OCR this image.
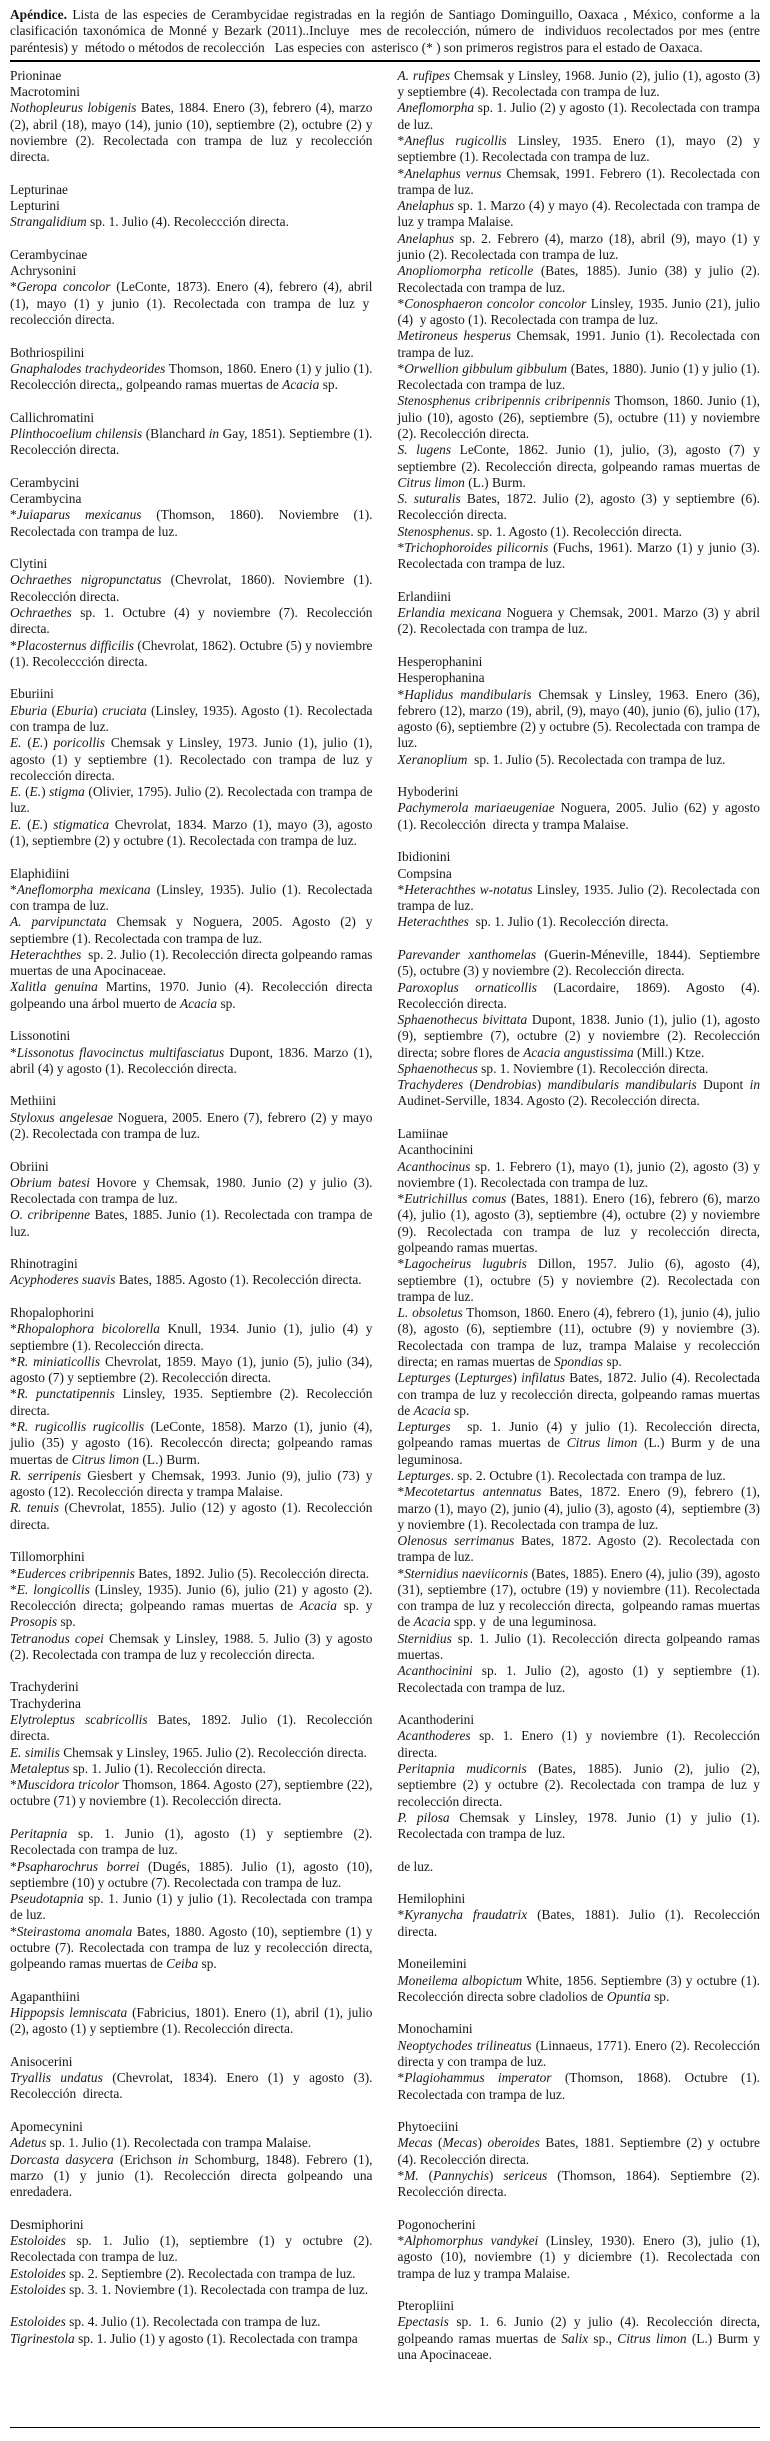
Apéndice. Lista de las especies de Cerambycidae registradas en la región de Santiago Dominguillo, Oaxaca , México, conforme a la clasificación taxonómica de Monné y Bezark (2011)..Incluye  mes de recolección, número de  individuos recolectados por mes (entre paréntesis) y  método o métodos de recolección   Las especies con  asterisco (* ) son primeros registros para el estado de Oaxaca.

Prioninae

Macrotomini

Nothopleurus lobigenis Bates, 1884. Enero (3), febrero (4), marzo (2), abril (18), mayo (14), junio (10), septiembre (2), octubre (2) y noviembre (2). Recolectada con trampa de luz y recolección directa.

Lepturinae

Lepturini

Strangalidium sp. 1. Julio (4). Recoleccción directa.

Cerambycinae

Achrysonini

*Geropa concolor (LeConte, 1873). Enero (4), febrero (4), abril (1), mayo (1) y junio (1). Recolectada con trampa de luz y  recolección directa.

Bothriospilini

Gnaphalodes trachydeorides Thomson, 1860. Enero (1) y julio (1). Recolección directa,, golpeando ramas muertas de Acacia sp.

Callichromatini

Plinthocoelium chilensis (Blanchard in Gay, 1851). Septiembre (1). Recolección directa.

Cerambycini

Cerambycina

*Juiaparus mexicanus (Thomson, 1860). Noviembre (1). Recolectada con trampa de luz.

Clytini

Ochraethes nigropunctatus (Chevrolat, 1860). Noviembre (1). Recolección directa.

Ochraethes sp. 1. Octubre (4) y noviembre (7). Recolección directa.

*Placosternus difficilis (Chevrolat, 1862). Octubre (5) y noviembre (1). Recoleccción directa.

Eburiini

Eburia (Eburia) cruciata (Linsley, 1935). Agosto (1). Recolectada con trampa de luz.

E. (E.) poricollis Chemsak y Linsley, 1973. Junio (1), julio (1), agosto (1) y septiembre (1). Recolectado con trampa de luz y recolección directa.

E. (E.) stigma (Olivier, 1795). Julio (2). Recolectada con trampa de luz.

E. (E.) stigmatica Chevrolat, 1834. Marzo (1), mayo (3), agosto (1), septiembre (2) y octubre (1). Recolectada con trampa de luz.

Elaphidiini

*Aneflomorpha mexicana (Linsley, 1935). Julio (1). Recolectada con trampa de luz.

A. parvipunctata Chemsak y Noguera, 2005. Agosto (2) y septiembre (1). Recolectada con trampa de luz.

Heterachthes  sp. 2. Julio (1). Recolección directa golpeando ramas muertas de una Apocinaceae.

Xalitla genuina Martins, 1970. Junio (4). Recolección directa golpeando una árbol muerto de Acacia sp.

Lissonotini

*Lissonotus flavocinctus multifasciatus Dupont, 1836. Marzo (1), abril (4) y agosto (1). Recolección directa.

Methiini

Styloxus angelesae Noguera, 2005. Enero (7), febrero (2) y mayo (2). Recolectada con trampa de luz.

Obriini

Obrium batesi Hovore y Chemsak, 1980. Junio (2) y julio (3). Recolectada con trampa de luz.

O. cribripenne Bates, 1885. Junio (1). Recolectada con trampa de luz.

Rhinotragini

Acyphoderes suavis Bates, 1885. Agosto (1). Recolección directa.

Rhopalophorini

*Rhopalophora bicolorella Knull, 1934. Junio (1), julio (4) y septiembre (1). Recolección directa.

*R. miniaticollis Chevrolat, 1859. Mayo (1), junio (5), julio (34), agosto (7) y septiembre (2). Recolección directa.

*R. punctatipennis Linsley, 1935. Septiembre (2). Recolección directa.

*R. rugicollis rugicollis (LeConte, 1858). Marzo (1), junio (4), julio (35) y agosto (16). Recoleccón directa; golpeando ramas muertas de Citrus limon (L.) Burm.

R. serripenis Giesbert y Chemsak, 1993. Junio (9), julio (73) y agosto (12). Recolección directa y trampa Malaise.

R. tenuis (Chevrolat, 1855). Julio (12) y agosto (1). Recolección directa.

Tillomorphini

*Euderces cribripennis Bates, 1892. Julio (5). Recolección directa.

*E. longicollis (Linsley, 1935). Junio (6), julio (21) y agosto (2). Recolección directa; golpeando ramas muertas de Acacia sp. y Prosopis sp.

Tetranodus copei Chemsak y Linsley, 1988. 5. Julio (3) y agosto (2). Recolectada con trampa de luz y recolección directa.

Trachyderini

Trachyderina

Elytroleptus scabricollis Bates, 1892. Julio (1). Recolección directa.

E. similis Chemsak y Linsley, 1965. Julio (2). Recolección directa.

Metaleptus sp. 1. Julio (1). Recolección directa.

*Muscidora tricolor Thomson, 1864. Agosto (27), septiembre (22), octubre (71) y noviembre (1). Recolección directa.

Peritapnia sp. 1. Junio (1), agosto (1) y septiembre (2). Recolectada con trampa de luz.

*Psapharochrus borrei (Dugés, 1885). Julio (1), agosto (10), septiembre (10) y octubre (7). Recolectada con trampa de luz.

Pseudotapnia sp. 1. Junio (1) y julio (1). Recolectada con trampa de luz.

*Steirastoma anomala Bates, 1880. Agosto (10), septiembre (1) y octubre (7). Recolectada con trampa de luz y recolección directa, golpeando ramas muertas de Ceiba sp.

Agapanthiini

Hippopsis lemniscata (Fabricius, 1801). Enero (1), abril (1), julio (2), agosto (1) y septiembre (1). Recolección directa.

Anisocerini

Tryallis undatus (Chevrolat, 1834). Enero (1) y agosto (3). Recolección  directa.

Apomecynini

Adetus sp. 1. Julio (1). Recolectada con trampa Malaise.

Dorcasta dasycera (Erichson in Schomburg, 1848). Febrero (1), marzo (1) y junio (1). Recolección directa golpeando una enredadera.

Desmiphorini

Estoloides sp. 1. Julio (1), septiembre (1) y octubre (2). Recolectada con trampa de luz.

Estoloides sp. 2. Septiembre (2). Recolectada con trampa de luz.

Estoloides sp. 3. 1. Noviembre (1). Recolectada con trampa de luz.

Estoloides sp. 4. Julio (1). Recolectada con trampa de luz.

Tigrinestola sp. 1. Julio (1) y agosto (1). Recolectada con trampa

A. rufipes Chemsak y Linsley, 1968. Junio (2), julio (1), agosto (3) y septiembre (4). Recolectada con trampa de luz.

Aneflomorpha sp. 1. Julio (2) y agosto (1). Recolectada con trampa de luz.

*Aneflus rugicollis Linsley, 1935. Enero (1), mayo (2) y septiembre (1). Recolectada con trampa de luz.

*Anelaphus vernus Chemsak, 1991. Febrero (1). Recolectada con trampa de luz.

Anelaphus sp. 1. Marzo (4) y mayo (4). Recolectada con trampa de luz y trampa Malaise.

Anelaphus sp. 2. Febrero (4), marzo (18), abril (9), mayo (1) y junio (2). Recolectada con trampa de luz.

Anopliomorpha reticolle (Bates, 1885). Junio (38) y julio (2). Recolectada con trampa de luz.

*Conosphaeron concolor concolor Linsley, 1935. Junio (21), julio (4)  y agosto (1). Recolectada con trampa de luz.

Metironeus hesperus Chemsak, 1991. Junio (1). Recolectada con trampa de luz.

*Orwellion gibbulum gibbulum (Bates, 1880). Junio (1) y julio (1). Recolectada con trampa de luz.

Stenosphenus cribripennis cribripennis Thomson, 1860. Junio (1), julio (10), agosto (26), septiembre (5), octubre (11) y noviembre (2). Recolección directa.

S. lugens LeConte, 1862. Junio (1), julio, (3), agosto (7) y septiembre (2). Recolección directa, golpeando ramas muertas de Citrus limon (L.) Burm.

S. suturalis Bates, 1872. Julio (2), agosto (3) y septiembre (6). Recolección directa.

Stenosphenus. sp. 1. Agosto (1). Recolección directa.

*Trichophoroides pilicornis (Fuchs, 1961). Marzo (1) y junio (3). Recolectada con trampa de luz.

Erlandiini

Erlandia mexicana Noguera y Chemsak, 2001. Marzo (3) y abril (2). Recolectada con trampa de luz.

Hesperophanini

Hesperophanina

*Haplidus mandibularis Chemsak y Linsley, 1963. Enero (36), febrero (12), marzo (19), abril, (9), mayo (40), junio (6), julio (17), agosto (6), septiembre (2) y octubre (5). Recolectada con trampa de luz.

Xeranoplium  sp. 1. Julio (5). Recolectada con trampa de luz.

Hyboderini

Pachymerola mariaeugeniae Noguera, 2005. Julio (62) y agosto (1). Recolección  directa y trampa Malaise.

Ibidionini

Compsina

*Heterachthes w-notatus Linsley, 1935. Julio (2). Recolectada con trampa de luz.

Heterachthes  sp. 1. Julio (1). Recolección directa.

Parevander xanthomelas (Guerin-Méneville, 1844). Septiembre (5), octubre (3) y noviembre (2). Recolección directa.

Paroxoplus ornaticollis (Lacordaire, 1869). Agosto (4). Recolección directa.

Sphaenothecus bivittata Dupont, 1838. Junio (1), julio (1), agosto (9), septiembre (7), octubre (2) y noviembre (2). Recolección directa; sobre flores de Acacia angustissima (Mill.) Ktze.

Sphaenothecus sp. 1. Noviembre (1). Recolección directa.

Trachyderes (Dendrobias) mandibularis mandibularis Dupont in Audinet-Serville, 1834. Agosto (2). Recolección directa.

Lamiinae

Acanthocinini

Acanthocinus sp. 1. Febrero (1), mayo (1), junio (2), agosto (3) y noviembre (1). Recolectada con trampa de luz.

*Eutrichillus comus (Bates, 1881). Enero (16), febrero (6), marzo (4), julio (1), agosto (3), septiembre (4), octubre (2) y noviembre (9). Recolectada con trampa de luz y recolección directa, golpeando ramas muertas.

*Lagocheirus lugubris Dillon, 1957. Julio (6), agosto (4), septiembre (1), octubre (5) y noviembre (2). Recolectada con trampa de luz.

L. obsoletus Thomson, 1860. Enero (4), febrero (1), junio (4), julio (8), agosto (6), septiembre (11), octubre (9) y noviembre (3). Recolectada con trampa de luz, trampa Malaise y recolección directa; en ramas muertas de Spondias sp.

Lepturges (Lepturges) infilatus Bates, 1872. Julio (4). Recolectada con trampa de luz y recolección directa, golpeando ramas muertas de Acacia sp.

Lepturges  sp. 1. Junio (4) y julio (1). Recolección directa, golpeando ramas muertas de Citrus limon (L.) Burm y de una leguminosa.

Lepturges. sp. 2. Octubre (1). Recolectada con trampa de luz.

*Mecotetartus antennatus Bates, 1872. Enero (9), febrero (1), marzo (1), mayo (2), junio (4), julio (3), agosto (4),  septiembre (3) y noviembre (1). Recolectada con trampa de luz.

Olenosus serrimanus Bates, 1872. Agosto (2). Recolectada con trampa de luz.

*Sternidius naeviicornis (Bates, 1885). Enero (4), julio (39), agosto (31), septiembre (17), octubre (19) y noviembre (11). Recolectada con trampa de luz y recolección directa,  golpeando ramas muertas de Acacia spp. y  de una leguminosa.

Sternidius sp. 1. Julio (1). Recolección directa golpeando ramas muertas.

Acanthocinini sp. 1. Julio (2), agosto (1) y septiembre (1). Recolectada con trampa de luz.

Acanthoderini

Acanthoderes sp. 1. Enero (1) y noviembre (1). Recolección directa.

Peritapnia mudicornis (Bates, 1885). Junio (2), julio (2), septiembre (2) y octubre (2). Recolectada con trampa de luz y recolección directa.

P. pilosa Chemsak y Linsley, 1978. Junio (1) y julio (1). Recolectada con trampa de luz.

de luz.

Hemilophini

*Kyranycha fraudatrix (Bates, 1881). Julio (1). Recolección directa.

Moneilemini

Moneilema albopictum White, 1856. Septiembre (3) y octubre (1). Recolección directa sobre cladolios de Opuntia sp.

Monochamini

Neoptychodes trilineatus (Linnaeus, 1771). Enero (2). Recolección directa y con trampa de luz.

*Plagiohammus imperator (Thomson, 1868). Octubre (1). Recolectada con trampa de luz.

Phytoeciini

Mecas (Mecas) oberoides Bates, 1881. Septiembre (2) y octubre (4). Recolección directa.

*M. (Pannychis) sericeus (Thomson, 1864). Septiembre (2). Recolección directa.

Pogonocherini

*Alphomorphus vandykei (Linsley, 1930). Enero (3), julio (1), agosto (10), noviembre (1) y diciembre (1). Recolectada con trampa de luz y trampa Malaise.

Pteropliini

Epectasis sp. 1. 6. Junio (2) y julio (4). Recolección directa, golpeando ramas muertas de Salix sp., Citrus limon (L.) Burm y una Apocinaceae.
